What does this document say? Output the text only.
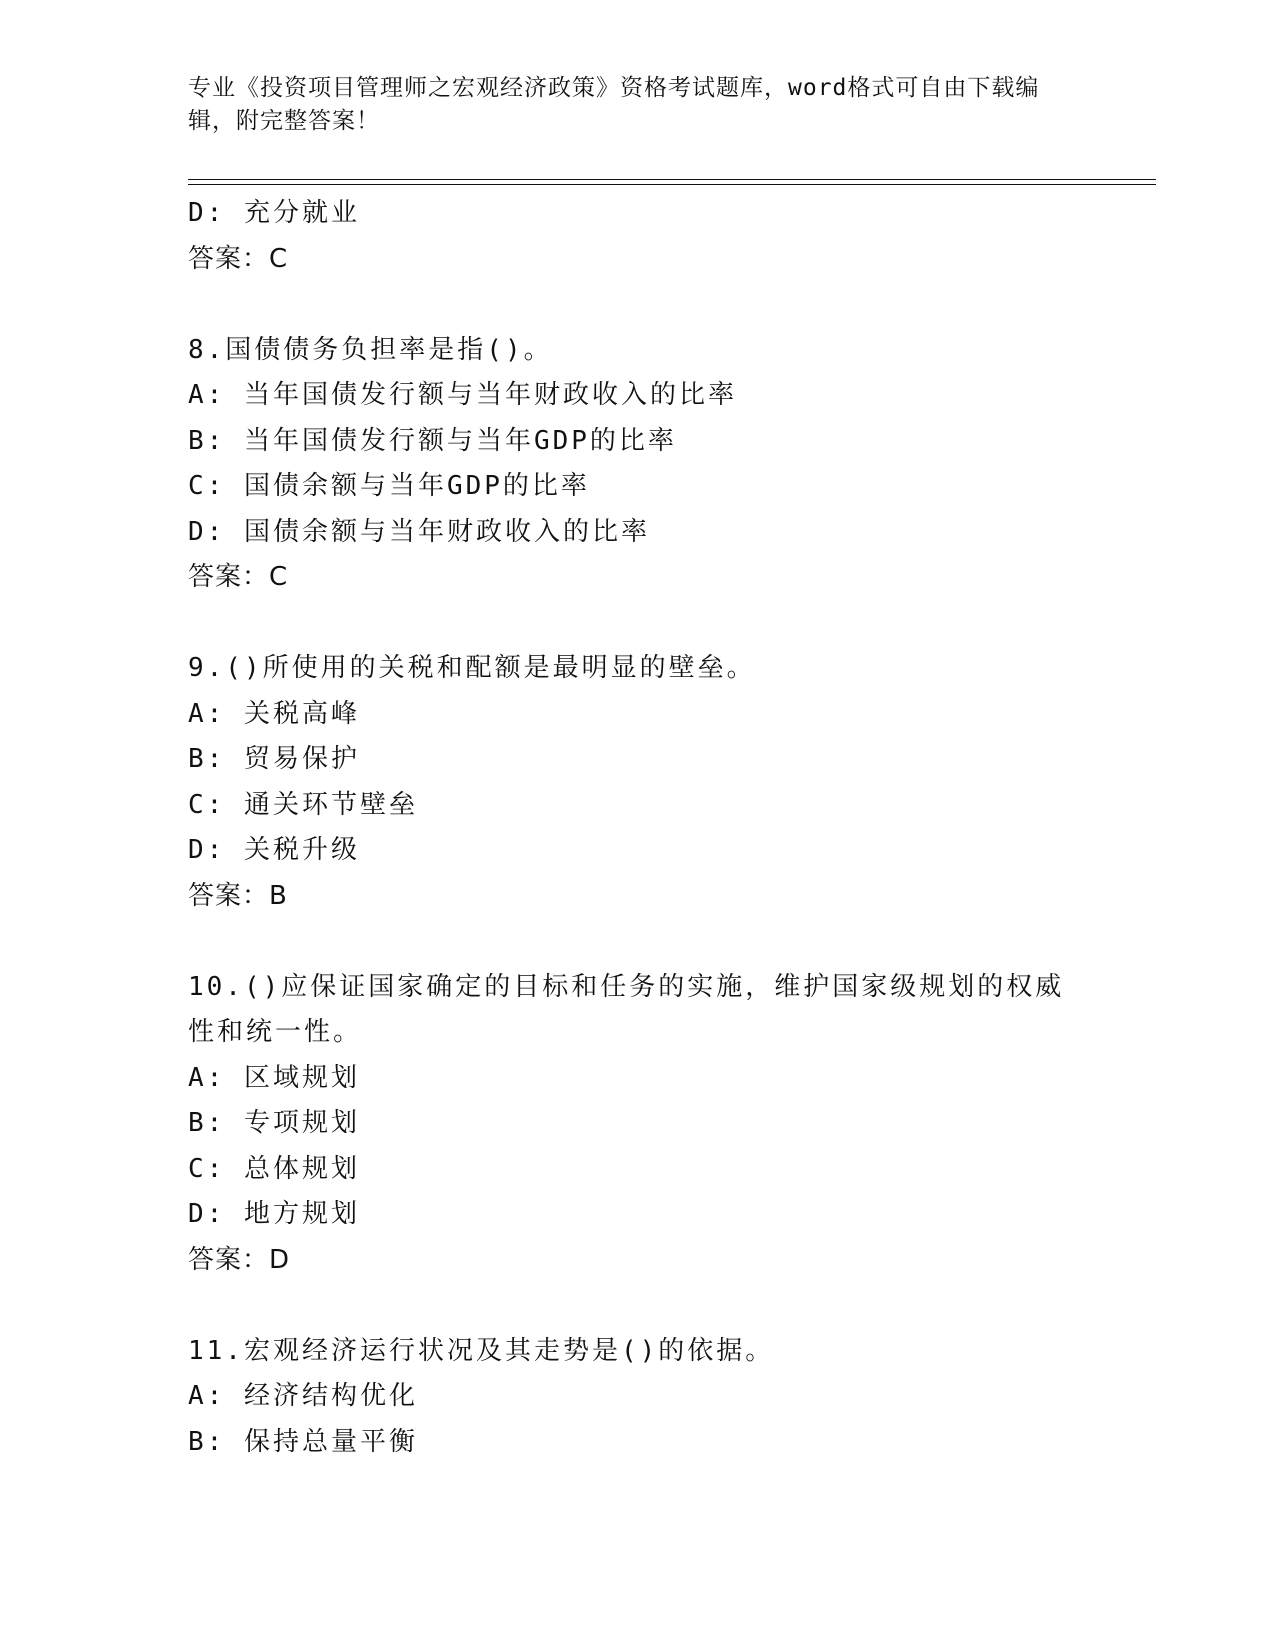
专业《投资项目管理师之宏观经济政策》资格考试题库，word格式可自由下载编辑，附完整答案！
D: 充分就业
答案：C
8.国债债务负担率是指()。
A: 当年国债发行额与当年财政收入的比率
B: 当年国债发行额与当年GDP的比率
C: 国债余额与当年GDP的比率
D: 国债余额与当年财政收入的比率
答案：C
9.()所使用的关税和配额是最明显的壁垒。
A: 关税高峰
B: 贸易保护
C: 通关环节壁垒
D: 关税升级
答案：B
10.()应保证国家确定的目标和任务的实施，维护国家级规划的权威性和统一性。
A: 区域规划
B: 专项规划
C: 总体规划
D: 地方规划
答案：D
11.宏观经济运行状况及其走势是()的依据。
A: 经济结构优化
B: 保持总量平衡
